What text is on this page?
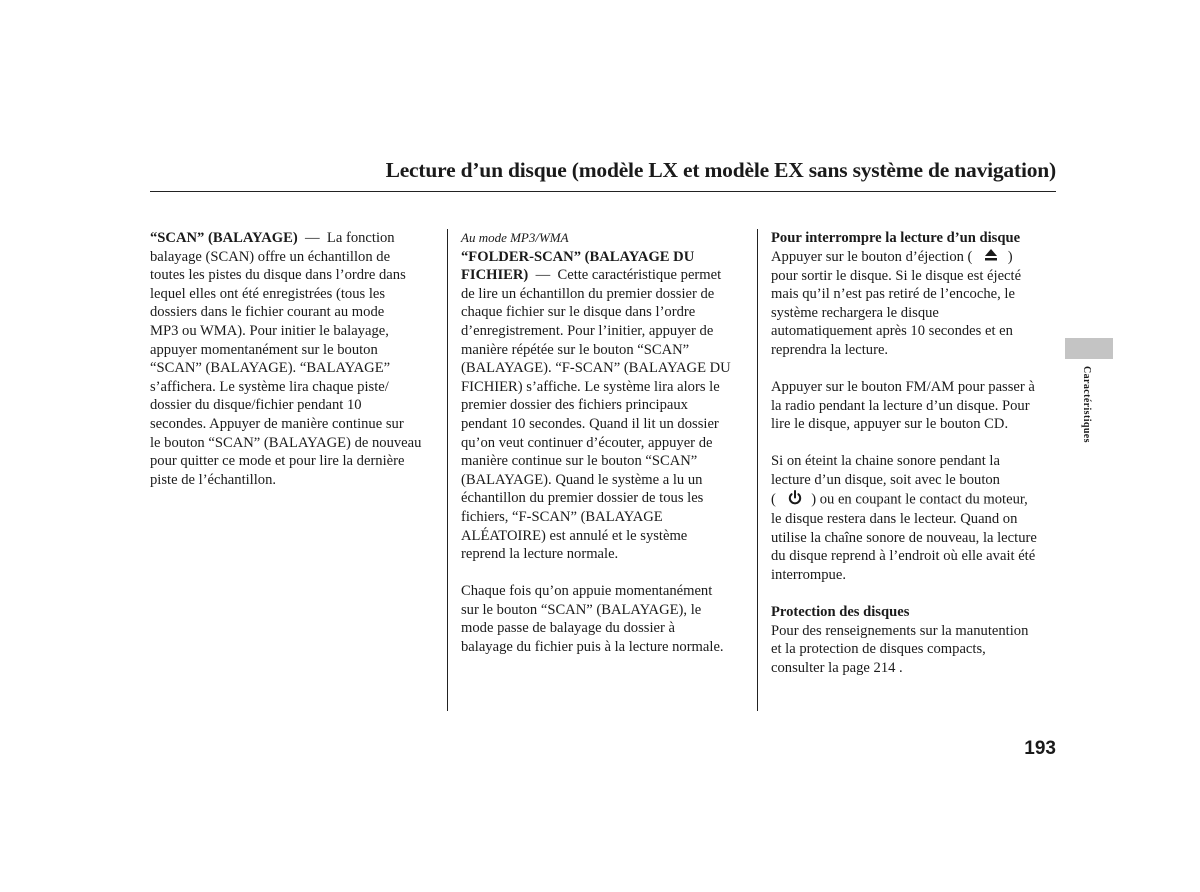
Lecture d’un disque (modèle LX et modèle EX sans système de navigation)
“SCAN” (BALAYAGE) — La fonction
balayage (SCAN) offre un échantillon de
toutes les pistes du disque dans l’ordre dans
lequel elles ont été enregistrées (tous les
dossiers dans le fichier courant au mode
MP3 ou WMA). Pour initier le balayage,
appuyer momentanément sur le bouton
“SCAN” (BALAYAGE). “BALAYAGE”
s’affichera. Le système lira chaque piste/
dossier du disque/fichier pendant 10
secondes. Appuyer de manière continue sur
le bouton “SCAN” (BALAYAGE) de nouveau
pour quitter ce mode et pour lire la dernière
piste de l’échantillon.
Au mode MP3/WMA
“FOLDER-SCAN” (BALAYAGE DU
FICHIER) — Cette caractéristique permet
de lire un échantillon du premier dossier de
chaque fichier sur le disque dans l’ordre
d’enregistrement. Pour l’initier, appuyer de
manière répétée sur le bouton “SCAN”
(BALAYAGE). “F-SCAN” (BALAYAGE DU
FICHIER) s’affiche. Le système lira alors le
premier dossier des fichiers principaux
pendant 10 secondes. Quand il lit un dossier
qu’on veut continuer d’écouter, appuyer de
manière continue sur le bouton “SCAN”
(BALAYAGE). Quand le système a lu un
échantillon du premier dossier de tous les
fichiers, “F-SCAN” (BALAYAGE
ALÉATOIRE) est annulé et le système
reprend la lecture normale.

Chaque fois qu’on appuie momentanément
sur le bouton “SCAN” (BALAYAGE), le
mode passe de balayage du dossier à
balayage du fichier puis à la lecture normale.
Pour interrompre la lecture d’un disque
Appuyer sur le bouton d’éjection ( )
pour sortir le disque. Si le disque est éjecté
mais qu’il n’est pas retiré de l’encoche, le
système rechargera le disque
automatiquement après 10 secondes et en
reprendra la lecture.

Appuyer sur le bouton FM/AM pour passer à
la radio pendant la lecture d’un disque. Pour
lire le disque, appuyer sur le bouton CD.

Si on éteint la chaine sonore pendant la
lecture d’un disque, soit avec le bouton
( ) ou en coupant le contact du moteur,
le disque restera dans le lecteur. Quand on
utilise la chaîne sonore de nouveau, la lecture
du disque reprend à l’endroit où elle avait été
interrompue.

Protection des disques
Pour des renseignements sur la manutention
et la protection de disques compacts,
consulter la page 214 .
Caractéristiques
193
